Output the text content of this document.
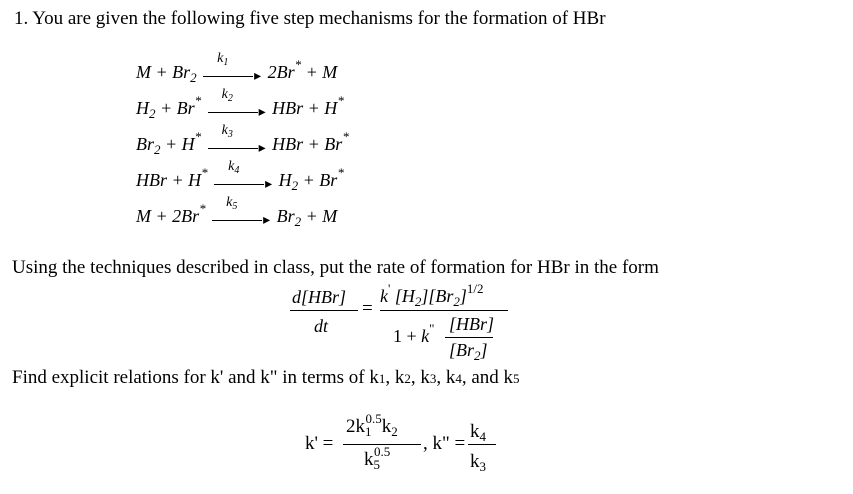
1. You are given the following five step mechanisms for the formation of HBr
$M + Br_2$
$k_1$
▸ 2Br* + M
$H_2 + Br^*$ $k_2$
▸ HBr + H*
$Br_2 + H^*$ $k_3$
▸ HBr + Br*
HBr + H* $k_4$
▸ $H_2 + Br^*$
M + 2Br* $k_5$
▸ $Br_2 + M$
Using the techniques described in class, put the rate of formation for HBr in the form
d[HBr]
dt
=
k' $[H_2][Br_2]^{1/2}$
1 + k" [HBr]
$[Br_2]$
Find explicit relations for k' and k" in terms of k1, k2, k3, k4, and k5
k' =
$2k_1^{0.5}k_2$
$k_5^{0.5}$ , k" =
$k_4$
$k_3$
